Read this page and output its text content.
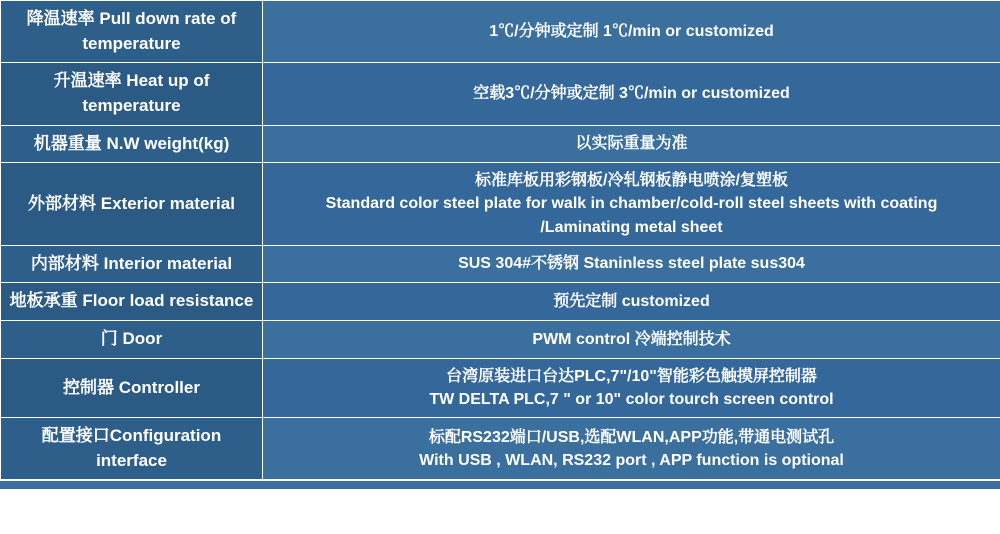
降温速率 Pull down rate of
temperature	1℃/分钟或定制 1℃/min or customized

升温速率 Heat up of
temperature	空载3℃/分钟或定制 3℃/min or customized

机器重量 N.W weight(kg)	以实际重量为准

外部材料 Exterior material	标准库板用彩钢板/冷轧钢板静电喷涂/复塑板
Standard color steel plate for walk in chamber/cold-roll steel sheets with coating
/Laminating metal sheet

内部材料 Interior material	SUS 304#不锈钢 Staninless steel plate sus304

地板承重 Floor load resistance	预先定制 customized

门 Door	PWM control 冷端控制技术

控制器 Controller	台湾原装进口台达PLC,7"/10"智能彩色触摸屏控制器
TW DELTA PLC,7 " or 10" color tourch screen control

配置接口Configuration
interface	标配RS232端口/USB,选配WLAN,APP功能,带通电测试孔
With USB , WLAN, RS232 port , APP function is optional
